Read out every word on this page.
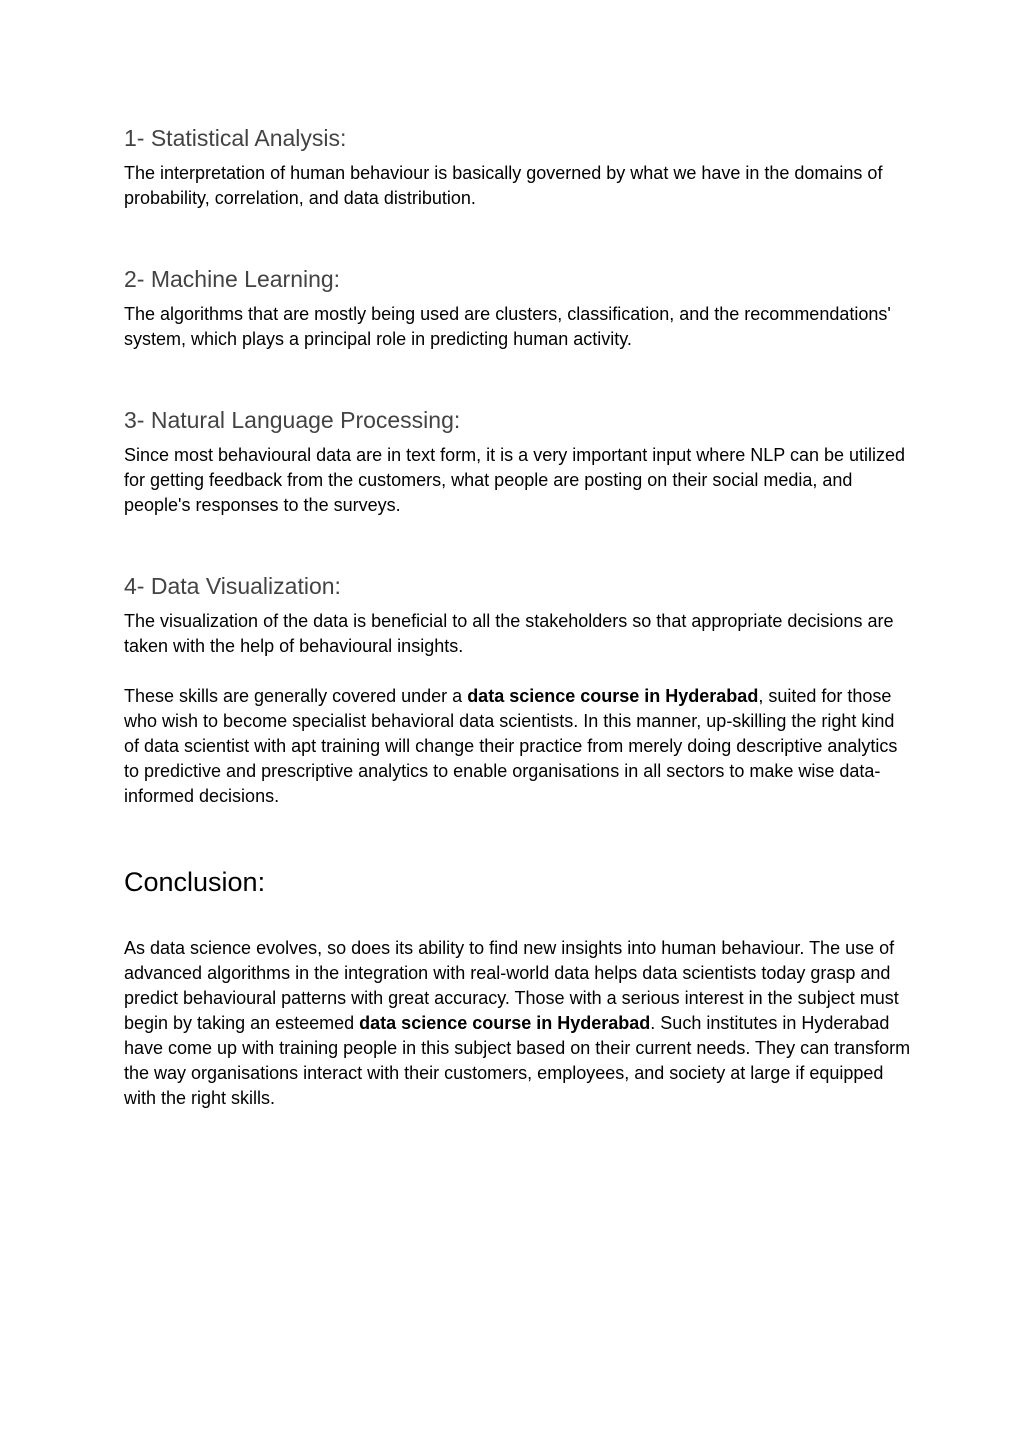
1- Statistical Analysis:

The interpretation of human behaviour is basically governed by what we have in the domains of probability, correlation, and data distribution.

2- Machine Learning:

The algorithms that are mostly being used are clusters, classification, and the recommendations' system, which plays a principal role in predicting human activity.

3- Natural Language Processing:

Since most behavioural data are in text form, it is a very important input where NLP can be utilized for getting feedback from the customers, what people are posting on their social media, and people's responses to the surveys.

4- Data Visualization:

The visualization of the data is beneficial to all the stakeholders so that appropriate decisions are taken with the help of behavioural insights.

These skills are generally covered under a data science course in Hyderabad, suited for those who wish to become specialist behavioral data scientists. In this manner, up-skilling the right kind of data scientist with apt training will change their practice from merely doing descriptive analytics to predictive and prescriptive analytics to enable organisations in all sectors to make wise data-informed decisions.

Conclusion:

As data science evolves, so does its ability to find new insights into human behaviour. The use of advanced algorithms in the integration with real-world data helps data scientists today grasp and predict behavioural patterns with great accuracy. Those with a serious interest in the subject must begin by taking an esteemed data science course in Hyderabad. Such institutes in Hyderabad have come up with training people in this subject based on their current needs. They can transform the way organisations interact with their customers, employees, and society at large if equipped with the right skills.
